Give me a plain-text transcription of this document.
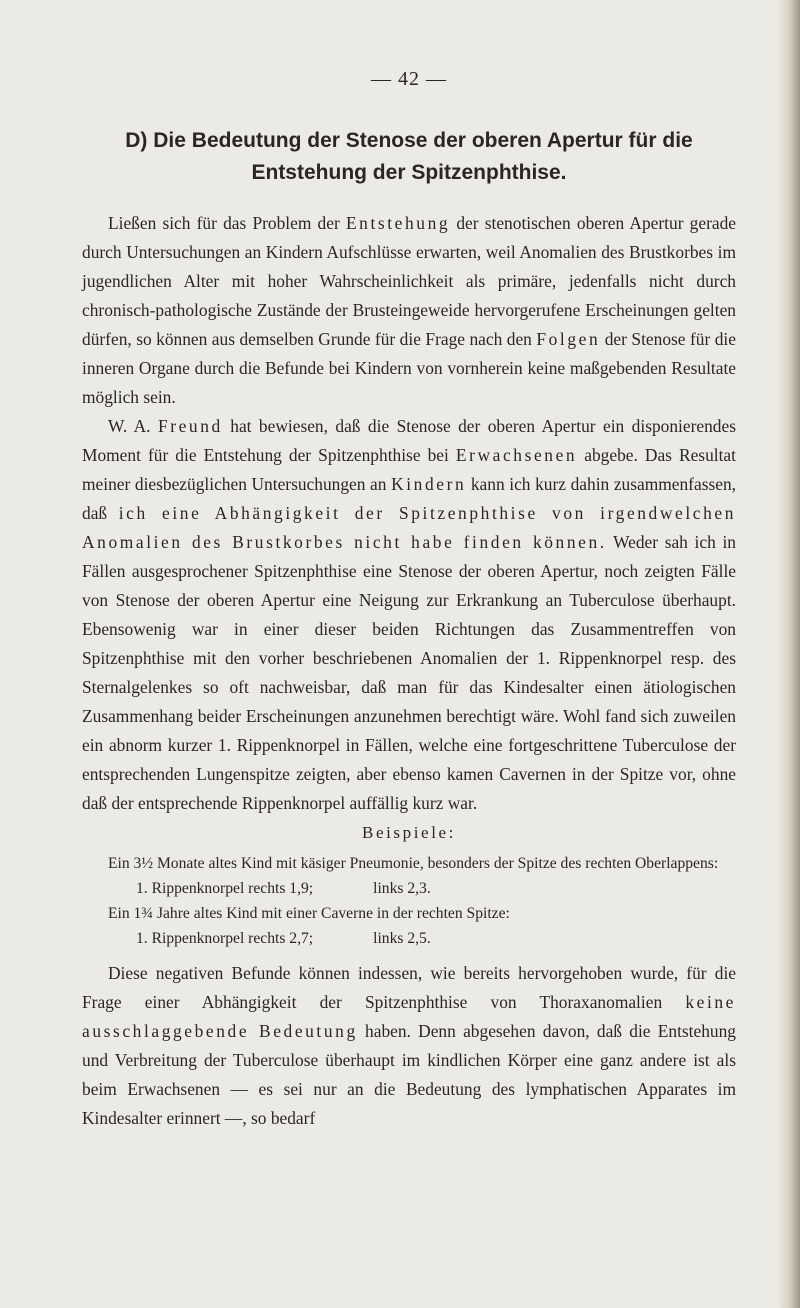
— 42 —
D) Die Bedeutung der Stenose der oberen Apertur für die
Entstehung der Spitzenphthise.

Ließen sich für das Problem der Entstehung der stenotischen oberen Apertur gerade durch Untersuchungen an Kindern Aufschlüsse erwarten, weil Anomalien des Brustkorbes im jugendlichen Alter mit hoher Wahrscheinlichkeit als primäre, jedenfalls nicht durch chronisch-pathologische Zustände der Brusteingeweide hervorgerufene Erscheinungen gelten dürfen, so können aus demselben Grunde für die Frage nach den Folgen der Stenose für die inneren Organe durch die Befunde bei Kindern von vornherein keine maßgebenden Resultate möglich sein.

W. A. Freund hat bewiesen, daß die Stenose der oberen Apertur ein disponierendes Moment für die Entstehung der Spitzenphthise bei Erwachsenen abgebe. Das Resultat meiner diesbezüglichen Untersuchungen an Kindern kann ich kurz dahin zusammenfassen, daß ich eine Abhängigkeit der Spitzenphthise von irgendwelchen Anomalien des Brustkorbes nicht habe finden können. Weder sah ich in Fällen ausgesprochener Spitzenphthise eine Stenose der oberen Apertur, noch zeigten Fälle von Stenose der oberen Apertur eine Neigung zur Erkrankung an Tuberculose überhaupt. Ebensowenig war in einer dieser beiden Richtungen das Zusammentreffen von Spitzenphthise mit den vorher beschriebenen Anomalien der 1. Rippenknorpel resp. des Sternalgelenkes so oft nachweisbar, daß man für das Kindesalter einen ätiologischen Zusammenhang beider Erscheinungen anzunehmen berechtigt wäre. Wohl fand sich zuweilen ein abnorm kurzer 1. Rippenknorpel in Fällen, welche eine fortgeschrittene Tuberculose der entsprechenden Lungenspitze zeigten, aber ebenso kamen Cavernen in der Spitze vor, ohne daß der entsprechende Rippenknorpel auffällig kurz war.

Beispiele:

Ein 3½ Monate altes Kind mit käsiger Pneumonie, besonders der Spitze des rechten Oberlappens:

1. Rippenknorpel rechts 1,9;	links 2,3.

Ein 1¾ Jahre altes Kind mit einer Caverne in der rechten Spitze:

1. Rippenknorpel rechts 2,7;	links 2,5.

Diese negativen Befunde können indessen, wie bereits hervorgehoben wurde, für die Frage einer Abhängigkeit der Spitzenphthise von Thoraxanomalien keine ausschlaggebende Bedeutung haben. Denn abgesehen davon, daß die Entstehung und Verbreitung der Tuberculose überhaupt im kindlichen Körper eine ganz andere ist als beim Erwachsenen — es sei nur an die Bedeutung des lymphatischen Apparates im Kindesalter erinnert —, so bedarf
